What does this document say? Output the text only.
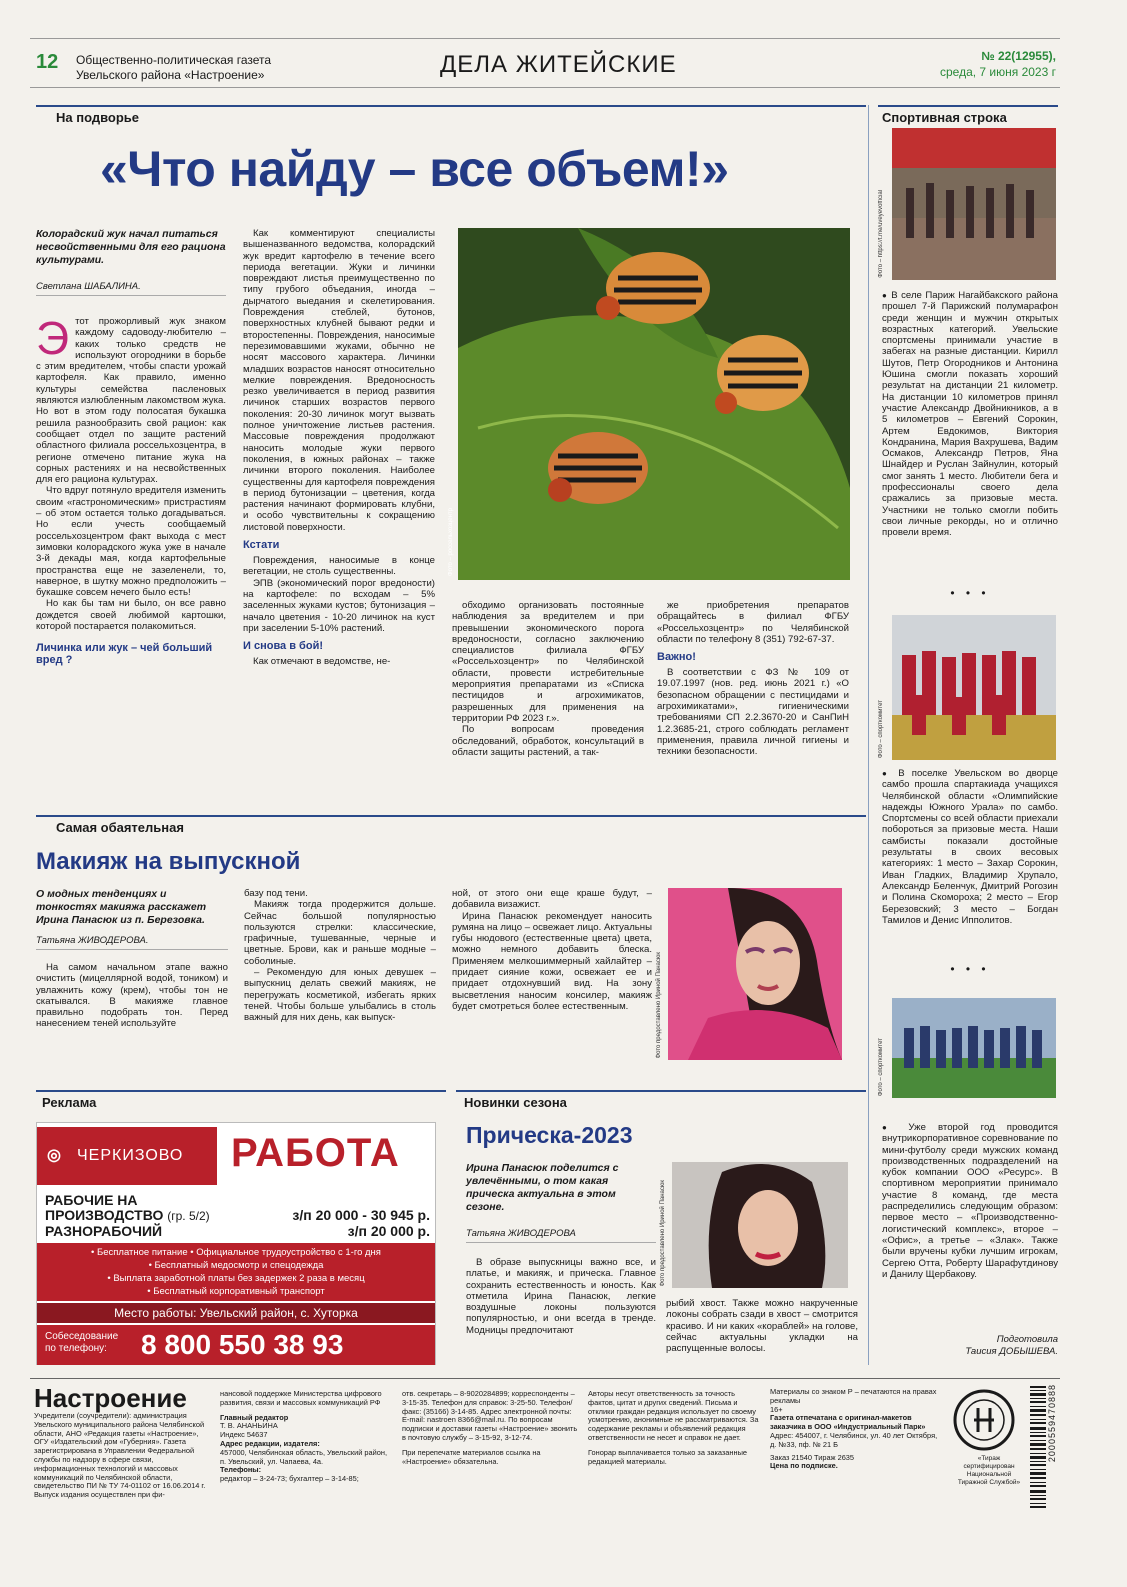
12 Общественно-политическая газета
Увельского района «Настроение»	ДЕЛА ЖИТЕЙСКИЕ	№ 22(12955),
среда, 7 июня 2023 г
На подворье
«Что найду – все объем!»
Колорадский жук начал питаться несвойственными для его рациона культурами.
Светлана ШАБАЛИНА.
Э тот прожорливый жук знаком каждому садоводу-любителю – каких только средств не используют огородники в борьбе с этим вредителем, чтобы спасти урожай картофеля. Как правило, именно культуры семейства пасленовых являются излюбленным лакомством жука. Но вот в этом году полосатая букашка решила разнообразить свой рацион: как сообщает отдел по защите растений областного филиала россельхозцентра, в регионе отмечено питание жука на сорных растениях и на несвойственных для его рациона культурах.

Что вдруг потянуло вредителя изменить своим «гастрономическим» пристрастиям – об этом остается только догадываться. Но если учесть сообщаемый россельхозцентром факт выхода с мест зимовки колорадского жука уже в начале 3-й декады мая, когда картофельные пространства еще не зазеленели, то, наверное, в шутку можно предположить – букашке совсем нечего было есть!

Но как бы там ни было, он все равно дождется своей любимой картошки, которой постарается полакомиться.

Личинка или жук – чей больший вред ?

Как комментируют специалисты вышеназванного ведомства, колорадский жук вредит картофелю в течение всего периода вегетации. Жуки и личинки повреждают листья преимущественно по типу грубого объедания, иногда –дырчатого выедания и скелетирования. Повреждения стеблей, бутонов, поверхностных клубней бывают редки и второстепенны. Повреждения, наносимые перезимовавшими жуками, обычно не носят массового характера. Личинки младших возрастов наносят относительно мелкие повреждения. Вредоносность резко увеличивается в период развития личинок старших возрастов первого поколения: 20-30 личинок могут вызвать полное уничтожение листьев растения. Массовые повреждения продолжают наносить молодые жуки первого поколения, в южных районах – также личинки второго поколения. Наиболее существенны для картофеля повреждения в период бутонизации – цветения, когда растения начинают формировать клубни, и особо чувствительны к сокращению листовой поверхности.

Кстати

Повреждения, наносимые в конце вегетации, не столь существенны.

ЭПВ (экономический порог вредоности) на картофеле: по всходам – 5% заселенных жуками кустов; бутонизация – начало цветения - 10-20 личинок на куст при заселении 5-10% растений.

И снова в бой!

Как отмечают в ведомстве, не-

Фото – россельхозцентр

обходимо организовать постоянные наблюдения за вредителем и при превышении экономического порога вредоносности, согласно заключению специалистов филиала ФГБУ «Россельхозцентр» по Челябинской области, провести истребительные мероприятия препаратами из «Списка пестицидов и агрохимикатов, разрешенных для применения на территории РФ 2023 г.».

По вопросам проведения обследований, обработок, консультаций в области защиты растений, а так-

же приобретения препаратов обращайтесь в филиал ФГБУ «Россельхозцентр» по Челябинской области по телефону 8 (351) 792-67-37.

Важно!

В соответствии с ФЗ № 109 от 19.07.1997 (нов. ред. июнь 2021 г.) «О безопасном обращении с пестицидами и агрохимикатами», гигиеническими требованиями СП 2.2.3670-20 и СанПиН 1.2.3685-21, строго соблюдать регламент применения, правила личной гигиены и техники безопасности.

Спортивная строка
Фото – https://t.me/uveyevofficial

● В селе Париж Нагайбакского района прошел 7-й Парижский полумарафон среди женщин и мужчин открытых возрастных категорий. Увельские спортсмены принимали участие в забегах на разные дистанции. Кирилл Шутов, Петр Огородников и Антонина Юшина смогли показать хороший результат на дистанции 21 километр. На дистанции 10 километров принял участие Александр Двойникников, а в 5 километров – Евгений Сорокин, Артем Евдокимов, Виктория Кондранина, Мария Вахрушева, Вадим Осмаков, Александр Петров, Яна Шнайдер и Руслан Зайнулин, который смог занять 1 место. Любители бега и профессионалы своего дела сражались за призовые места. Участники не только смогли побить свои личные рекорды, но и отлично провели время.

• • •
Фото – спорткомитет

● В поселке Увельском во дворце самбо прошла спартакиада учащихся Челябинской области «Олимпийские надежды Южного Урала» по самбо. Спортсмены со всей области приехали побороться за призовые места. Наши самбисты показали достойные результаты в своих весовых категориях: 1 место – Захар Сорокин, Иван Гладких, Владимир Хрупало, Александр Беленчук, Дмитрий Рогозин и Полина Скомороха; 2 место – Егор Березовский; 3 место – Богдан Тамилов и Денис Ипполитов.

• • •
Фото – спорткомитет

● Уже второй год проводится внутрикорпоративное соревнование по мини-футболу среди мужских команд производственных подразделений на кубок компании ООО «Ресурс». В спортивном мероприятии принимало участие 8 команд, где места распределились следующим образом: первое место – «Производственно-логистический комплекс», второе – «Офис», а третье – «Злак». Также были вручены кубки лучшим игрокам, Сергею Отта, Роберту Шарафутдинову и Данилу Щербакову.

Подготовила
Таисия ДОБЫШЕВА.
Самая обаятельная
Макияж на выпускной
О модных тенденциях и тонкостях макияжа расскажет Ирина Панасюк из п. Березовка.
Татьяна ЖИВОДЕРОВА.

На самом начальном этапе важно очистить (мицеллярной водой, тоником) и увлажнить кожу (крем), чтобы тон не скатывался. В макияже главное правильно подобрать тон. Перед нанесением теней используйте

базу под тени.

Макияж тогда продержится дольше. Сейчас большой популярностью пользуются стрелки: классические, графичные, тушеванные, черные и цветные. Брови, как и раньше модные – соболиные.

– Рекомендую для юных девушек – выпускниц делать свежий макияж, не перегружать косметикой, избегать ярких теней. Чтобы больше улыбались в столь важный для них день, как выпуск-

ной, от этого они еще краше будут, – добавила визажист.

Ирина Панасюк рекомендует наносить румяна на лицо – освежает лицо. Актуальны губы нюдового (естественные цвета) цвета, можно немного добавить блеска. Применяем мелкошиммерный хайлайтер – придает сияние кожи, освежает ее и придает отдохнувший вид. На зону высветления наносим консилер, макияж будет смотреться более естественным.	Фото предоставлено Ириной Панасюк
Реклама
◎ ЧЕРКИЗОВО РАБОТА
РАБОЧИЕ НА
ПРОИЗВОДСТВО (гр. 5/2)	з/п 20 000 - 30 945 р.
РАЗНОРАБОЧИЙ	з/п 20 000 р.
• Бесплатное питание • Официальное трудоустройство с 1-го дня
• Бесплатный медосмотр и спецодежда
• Выплата заработной платы без задержек 2 раза в месяц
• Бесплатный корпоративный транспорт
Место работы: Увельский район, с. Хуторка
Собеседование
по телефону:	8 800 550 38 93
Новинки сезона
Прическа-2023
Ирина Панасюк поделится с увлечёнными, о том какая прическа актуальна в этом сезоне.
Татьяна ЖИВОДЕРОВА

В образе выпускницы важно все, и платье, и макияж, и прическа. Главное сохранить естественность и юность. Как отметила Ирина Панасюк, легкие воздушные локоны пользуются популярностью, и они всегда в тренде. Модницы предпочитают

Фото предоставлено Ириной Панасюк

рыбий хвост. Также можно накрученные локоны собрать сзади в хвост – смотрится красиво. И ни каких «кораблей» на голове, сейчас актуальны укладки на распущенные волосы.

Настроение
Учредители (соучредители): администрация Увельского муниципального района Челябинской области, АНО «Редакция газеты «Настроение», ОГУ «Издательский дом «Губерния». Газета зарегистрирована в Управлении Федеральной службы по надзору в сфере связи, информационных технологий и массовых коммуникаций по Челябинской области, свидетельство ПИ № ТУ 74-01102 от 16.06.2014 г. Выпуск издания осуществлен при фи-
нансовой поддержке Министерства цифрового развития, связи и массовых коммуникаций РФ
Главный редактор
Т. В. АНАНЬИНА
Индекс 54637
Адрес редакции, издателя:
457000, Челябинская область, Увельский район, п. Увельский, ул. Чапаева, 4а.
Телефоны:
редактор – 3-24-73; бухгалтер – 3-14-85;
отв. секретарь – 8-9020284899; корреспонденты – 3-15-35. Телефон для справок: 3-25-50. Телефон/факс: (35166) 3-14-85. Адрес электронной почты: E-mail: nastroen 8366@mail.ru. По вопросам подписки и доставки газеты «Настроение» звонить в почтовую службу – 3-15-92, 3-12-74.
При перепечатке материалов ссылка на «Настроение» обязательна.
Авторы несут ответственность за точность фактов, цитат и других сведений. Письма и отклики граждан редакция использует по своему усмотрению, анонимные не рассматриваются. За содержание рекламы и объявлений редакция ответственности не несет и справок не дает.
Гонорар выплачивается только за заказанные редакцией материалы.
Материалы со знаком Р – печатаются на правах рекламы
16+
Газета отпечатана с оригинал-макетов заказчика в ООО «Индустриальный Парк»
Адрес: 454007, г. Челябинск, ул. 40 лет Октября, д. №33, пф. № 21 Б
Заказ 21540 Тираж 2635
Цена по подписке.
«Тираж сертифицирован Национальной Тиражной Службой»
2000559470888
